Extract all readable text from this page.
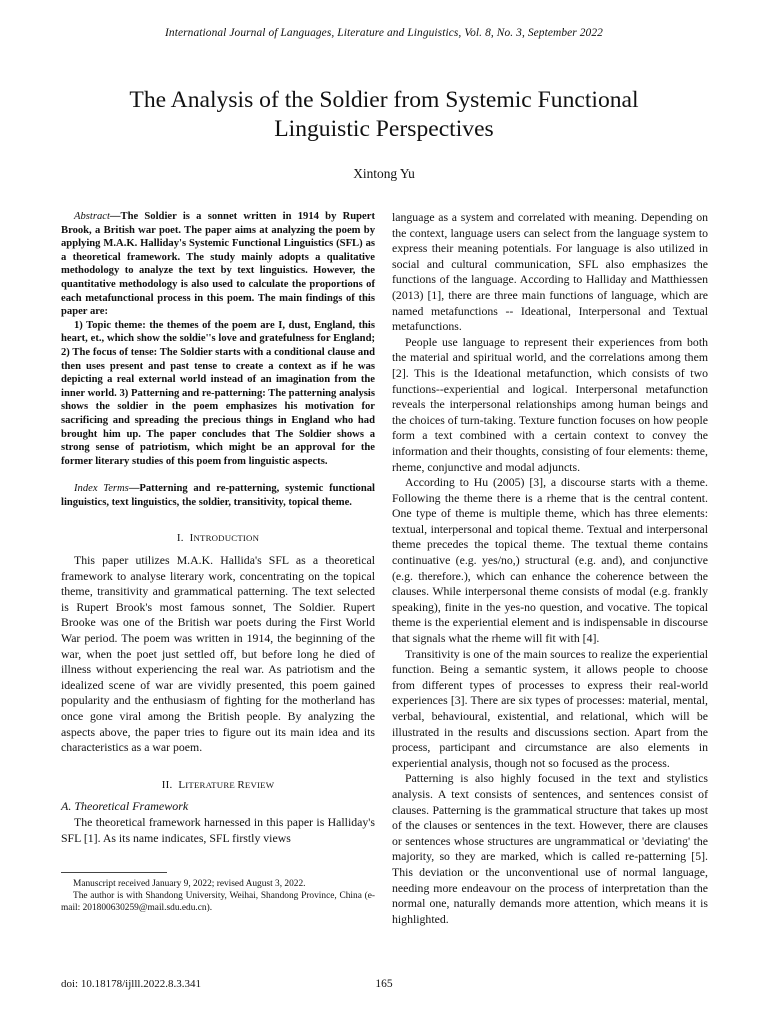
International Journal of Languages, Literature and Linguistics, Vol. 8, No. 3, September 2022
The Analysis of the Soldier from Systemic Functional
Linguistic Perspectives
Xintong Yu
Abstract—The Soldier is a sonnet written in 1914 by Rupert Brook, a British war poet. The paper aims at analyzing the poem by applying M.A.K. Halliday's Systemic Functional Linguistics (SFL) as a theoretical framework. The study mainly adopts a qualitative methodology to analyze the text by text linguistics. However, the quantitative methodology is also used to calculate the proportions of each metafunctional process in this poem. The main findings of this paper are:
1) Topic theme: the themes of the poem are I, dust, England, this heart, et., which show the soldie''s love and gratefulness for England; 2) The focus of tense: The Soldier starts with a conditional clause and then uses present and past tense to create a context as if he was depicting a real external world instead of an imagination from the inner world. 3) Patterning and re-patterning: The patterning analysis shows the soldier in the poem emphasizes his motivation for sacrificing and spreading the precious things in England who had brought him up. The paper concludes that The Soldier shows a strong sense of patriotism, which might be an approval for the former literary studies of this poem from linguistic aspects.
Index Terms—Patterning and re-patterning, systemic functional linguistics, text linguistics, the soldier, transitivity, topical theme.
I. INTRODUCTION

This paper utilizes M.A.K. Hallida's SFL as a theoretical framework to analyse literary work, concentrating on the topical theme, transitivity and grammatical patterning. The text selected is Rupert Brook's most famous sonnet, The Soldier. Rupert Brooke was one of the British war poets during the First World War period. The poem was written in 1914, the beginning of the war, when the poet just settled off, but before long he died of illness without experiencing the real war. As patriotism and the idealized scene of war are vividly presented, this poem gained popularity and the enthusiasm of fighting for the motherland has once gone viral among the British people. By analyzing the aspects above, the paper tries to figure out its main idea and its characteristics as a war poem.

II. LITERATURE REVIEW
A. Theoretical Framework

The theoretical framework harnessed in this paper is Halliday's SFL [1]. As its name indicates, SFL firstly views

Manuscript received January 9, 2022; revised August 3, 2022.

The author is with Shandong University, Weihai, Shandong Province, China (e-mail: 201800630259@mail.sdu.edu.cn).

language as a system and correlated with meaning. Depending on the context, language users can select from the language system to express their meaning potentials. For language is also utilized in social and cultural communication, SFL also emphasizes the functions of the language. According to Halliday and Matthiessen (2013) [1], there are three main functions of language, which are named metafunctions -- Ideational, Interpersonal and Textual metafunctions.

People use language to represent their experiences from both the material and spiritual world, and the correlations among them [2]. This is the Ideational metafunction, which consists of two functions--experiential and logical. Interpersonal metafunction reveals the interpersonal relationships among human beings and the choices of turn-taking. Texture function focuses on how people form a text combined with a certain context to convey the information and their thoughts, consisting of four elements: theme, rheme, conjunctive and modal adjuncts.

According to Hu (2005) [3], a discourse starts with a theme. Following the theme there is a rheme that is the central content. One type of theme is multiple theme, which has three elements: textual, interpersonal and topical theme. Textual and interpersonal theme precedes the topical theme. The textual theme contains continuative (e.g. yes/no,) structural (e.g. and), and conjunctive (e.g. therefore.), which can enhance the coherence between the clauses. While interpersonal theme consists of modal (e.g. frankly speaking), finite in the yes-no question, and vocative. The topical theme is the experiential element and is indispensable in discourse that signals what the rheme will fit with [4].

Transitivity is one of the main sources to realize the experiential function. Being a semantic system, it allows people to choose from different types of processes to express their real-world experiences [3]. There are six types of processes: material, mental, verbal, behavioural, existential, and relational, which will be illustrated in the results and discussions section. Apart from the process, participant and circumstance are also elements in experiential analysis, though not so focused as the process.

Patterning is also highly focused in the text and stylistics analysis. A text consists of sentences, and sentences consist of clauses. Patterning is the grammatical structure that takes up most of the clauses or sentences in the text. However, there are clauses or sentences whose structures are ungrammatical or 'deviating' the majority, so they are marked, which is called re-patterning [5]. This deviation or the unconventional use of normal language, needing more endeavour on the process of interpretation than the normal one, naturally demands more attention, which means it is highlighted.

doi: 10.18178/ijlll.2022.8.3.341	165
